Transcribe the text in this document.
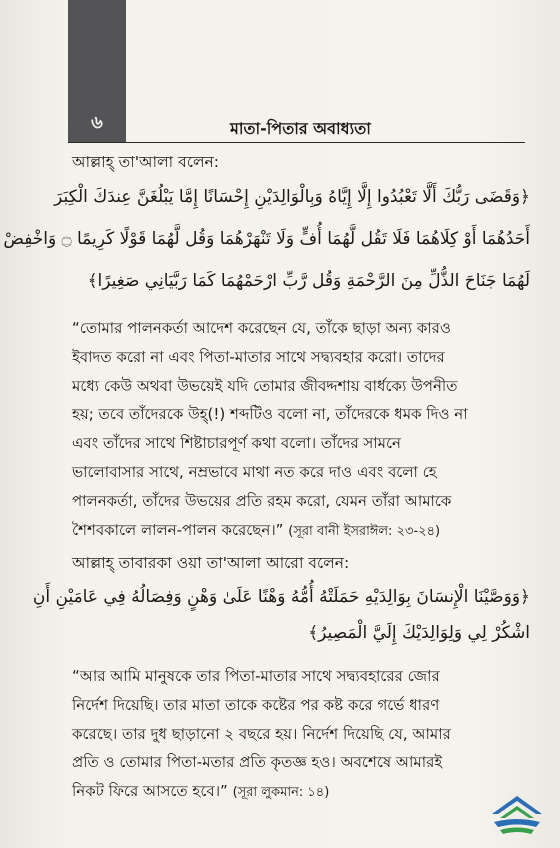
৬	মাতা-পিতার অবাধ্যতা
আল্লাহ্ তা'আলা বলেন:
﴿وَقَضَى رَبُّكَ أَلَّا تَعْبُدُوا إِلَّا إِيَّاهُ وَبِالْوَالِدَيْنِ إِحْسَانًا إِمَّا يَبْلُغَنَّ عِندَكَ الْكِبَرَ
أَحَدُهُمَا أَوْ كِلَاهُمَا فَلَا تَقُل لَّهُمَا أُفٍّ وَلَا تَنْهَرْهُمَا وَقُل لَّهُمَا قَوْلًا كَرِيمًا ۝ وَاخْفِضْ
لَهُمَا جَنَاحَ الذُّلِّ مِنَ الرَّحْمَةِ وَقُل رَّبِّ ارْحَمْهُمَا كَمَا رَبَّيَانِي صَغِيرًا﴾
“তোমার পালনকর্তা আদেশ করেছেন যে, তাঁকে ছাড়া অন্য কারও
ইবাদত করো না এবং পিতা-মাতার সাথে সদ্ব্যবহার করো। তাদের
মধ্যে কেউ অথবা উভয়েই যদি তোমার জীবদ্দশায় বার্ধক্যে উপনীত
হয়; তবে তাঁদেরকে উহ্(!) শব্দটিও বলো না, তাঁদেরকে ধমক দিও না
এবং তাঁদের সাথে শিষ্টাচারপূর্ণ কথা বলো। তাঁদের সামনে
ভালোবাসার সাথে, নম্রভাবে মাথা নত করে দাও এবং বলো হে
পালনকর্তা, তাঁদের উভয়ের প্রতি রহম করো, যেমন তাঁরা আমাকে
শৈশবকালে লালন-পালন করেছেন।” (সূরা বানী ইসরাঈল: ২৩-২৪)
আল্লাহ্ তাবারকা ওয়া তা'আলা আরো বলেন:
﴿وَوَصَّيْنَا الْإِنسَانَ بِوَالِدَيْهِ حَمَلَتْهُ أُمُّهُ وَهْنًا عَلَىٰ وَهْنٍ وَفِصَالُهُ فِي عَامَيْنِ أَنِ
اشْكُرْ لِي وَلِوَالِدَيْكَ إِلَيَّ الْمَصِيرُ﴾
“আর আমি মানুষকে তার পিতা-মাতার সাথে সদ্ব্যবহারের জোর
নির্দেশ দিয়েছি। তার মাতা তাকে কষ্টের পর কষ্ট করে গর্ভে ধারণ
করেছে। তার দুধ ছাড়ানো ২ বছরে হয়। নির্দেশ দিয়েছি যে, আমার
প্রতি ও তোমার পিতা-মতার প্রতি কৃতজ্ঞ হও। অবশেষে আমারই
নিকট ফিরে আসতে হবে।” (সূরা লুকমান: ১৪)
